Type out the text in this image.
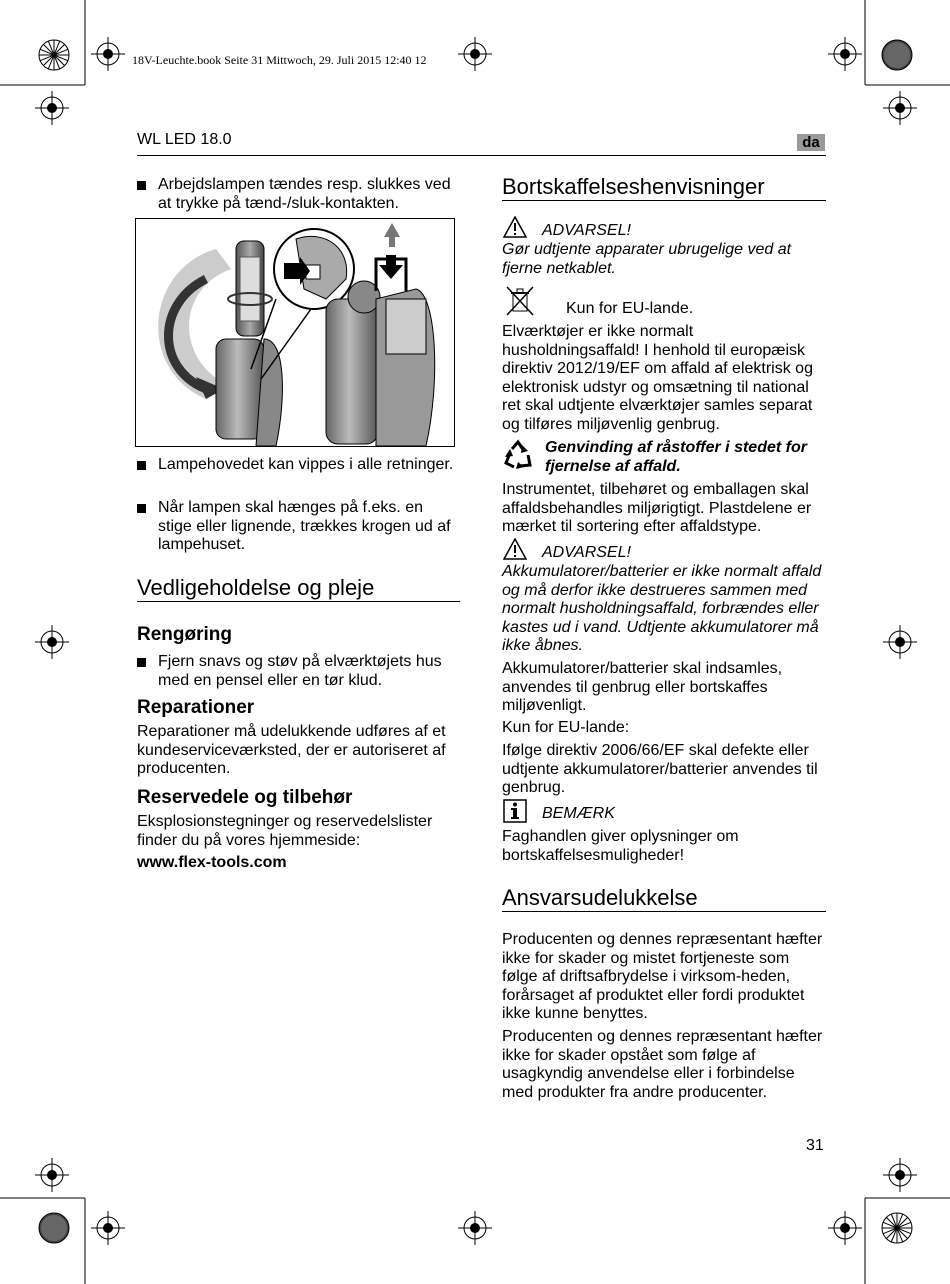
18V-Leuchte.book Seite 31 Mittwoch, 29. Juli 2015 12:40 12
WL LED 18.0	da
Arbejdslampen tændes resp. slukkes ved at trykke på tænd-/sluk-kontakten.
Lampehovedet kan vippes i alle retninger.
Når lampen skal hænges på f.eks. en stige eller lignende, trækkes krogen ud af lampehuset.
Vedligeholdelse og pleje
Rengøring
Fjern snavs og støv på elværktøjets hus med en pensel eller en tør klud.
Reparationer
Reparationer må udelukkende udføres af et kundeserviceværksted, der er autoriseret af producenten.
Reservedele og tilbehør
Eksplosionstegninger og reservedelslister finder du på vores hjemmeside:
www.flex-tools.com
Bortskaffelseshenvisninger
ADVARSEL!
Gør udtjente apparater ubrugelige ved at fjerne netkablet.
Kun for EU-lande.
Elværktøjer er ikke normalt husholdningsaffald! I henhold til europæisk direktiv 2012/19/EF om affald af elektrisk og elektronisk udstyr og omsætning til national ret skal udtjente elværktøjer samles separat og tilføres miljøvenlig genbrug.
Genvinding af råstoffer i stedet for fjernelse af affald.
Instrumentet, tilbehøret og emballagen skal affaldsbehandles miljørigtigt. Plastdelene er mærket til sortering efter affaldstype.
ADVARSEL!
Akkumulatorer/batterier er ikke normalt affald og må derfor ikke destrueres sammen med normalt husholdningsaffald, forbrændes eller kastes ud i vand. Udtjente akkumulatorer må ikke åbnes.
Akkumulatorer/batterier skal indsamles, anvendes til genbrug eller bortskaffes miljøvenligt.
Kun for EU-lande:
Ifølge direktiv 2006/66/EF skal defekte eller udtjente akkumulatorer/batterier anvendes til genbrug.
BEMÆRK
Faghandlen giver oplysninger om bortskaffelsesmuligheder!
Ansvarsudelukkelse
Producenten og dennes repræsentant hæfter ikke for skader og mistet fortjeneste som følge af driftsafbrydelse i virksom-heden, forårsaget af produktet eller fordi produktet ikke kunne benyttes.
Producenten og dennes repræsentant hæfter ikke for skader opstået som følge af usagkyndig anvendelse eller i forbindelse med produkter fra andre producenter.
31
